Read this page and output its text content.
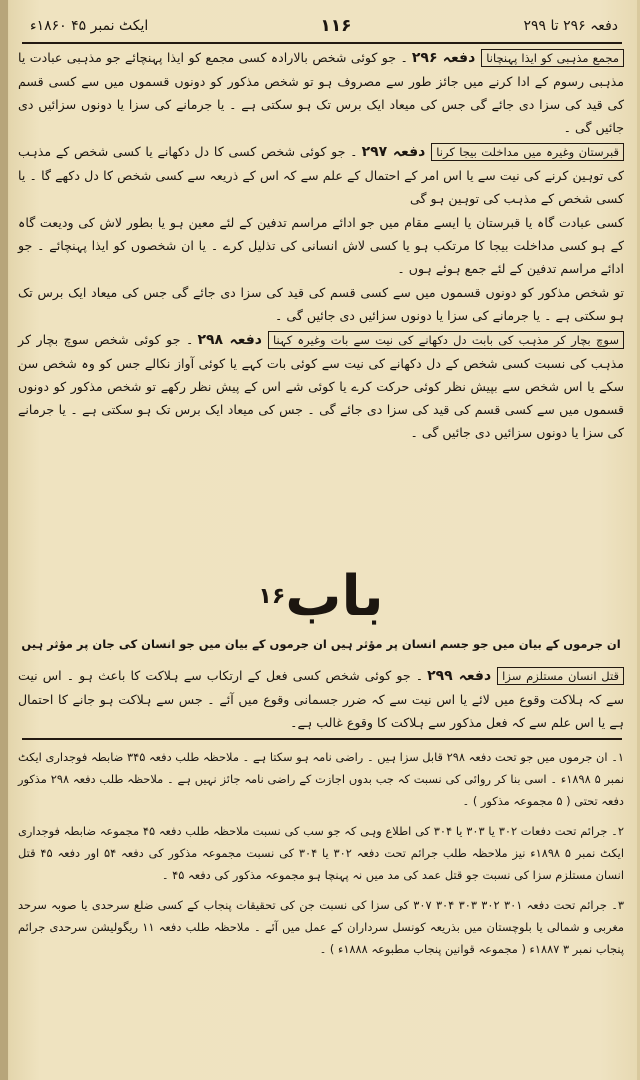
دفعہ ۲۹۶ تا ۲۹۹
۱۱۶
ایکٹ نمبر ۴۵ ۱۸۶۰ء

مجمع مذہبی کو ایذا پہنچانادفعہ ۲۹۶۔ جو کوئی شخص بالارادہ کسی مجمع کو ایذا پہنچائے جو مذہبی عبادت یا مذہبی رسوم کے ادا کرنے میں جائز طور سے مصروف ہو تو شخص مذکور کو دونوں قسموں میں سے کسی قسم کی قید کی سزا دی جائے گی جس کی میعاد ایک برس تک ہو سکتی ہے ۔ یا جرمانے کی سزا یا دونوں سزائیں دی جائیں گی ۔

قبرستان وغیرہ میں مداخلت بیجا کرنادفعہ ۲۹۷۔ جو کوئی شخص کسی کا دل دکھانے یا کسی شخص کے مذہب کی توہین کرنے کی نیت سے یا اس امر کے احتمال کے علم سے کہ اس کے ذریعہ سے کسی شخص کا دل دکھے گا ۔ یا کسی شخص کے مذہب کی توہین ہو گی

کسی عبادت گاہ یا قبرستان یا ایسے مقام میں جو ادائے مراسم تدفین کے لئے معین ہو یا بطور لاش کی ودیعت گاہ کے ہو کسی مداخلت بیجا کا مرتکب ہو یا کسی لاش انسانی کی تذلیل کرے ۔ یا ان شخصوں کو ایذا پہنچائے ۔ جو ادائے مراسم تدفین کے لئے جمع ہوئے ہوں ۔

تو شخص مذکور کو دونوں قسموں میں سے کسی قسم کی قید کی سزا دی جائے گی جس کی میعاد ایک برس تک ہو سکتی ہے ۔ یا جرمانے کی سزا یا دونوں سزائیں دی جائیں گی ۔

سوچ بچار کر مذہب کی بابت دل دکھانے کی نیت سے بات وغیرہ کہنادفعہ ۲۹۸۔ جو کوئی شخص سوچ بچار کر مذہب کی نسبت کسی شخص کے دل دکھانے کی نیت سے کوئی بات کہے یا کوئی آواز نکالے جس کو وہ شخص سن سکے یا اس شخص سے بپیش نظر کوئی حرکت کرے یا کوئی شے اس کے پیش نظر رکھے تو شخص مذکور کو دونوں قسموں میں سے کسی قسم کی قید کی سزا دی جائے گی ۔ جس کی میعاد ایک برس تک ہو سکتی ہے ۔ یا جرمانے کی سزا یا دونوں سزائیں دی جائیں گی ۔

باب$^{۱۶}$
ان جرموں کے بیان میں جو جسم انسان پر مؤثر ہیں ان جرموں کے بیان میں جو انسان کی جان پر مؤثر ہیں

قتل انسان مستلزم سزادفعہ ۲۹۹۔ جو کوئی شخص کسی فعل کے ارتکاب سے ہلاکت کا باعث ہو ۔ اس نیت سے کہ ہلاکت وقوع میں لائے یا اس نیت سے کہ ضرر جسمانی وقوع میں آئے ۔ جس سے ہلاکت ہو جانے کا احتمال ہے یا اس علم سے کہ فعل مذکور سے ہلاکت کا وقوع غالب ہے۔

۱۔ ان جرموں میں جو تحت دفعہ ۲۹۸ قابل سزا ہیں ۔ راضی نامہ ہو سکتا ہے ۔ ملاحظہ طلب دفعہ ۳۴۵ ضابطہ فوجداری ایکٹ نمبر ۵ ۱۸۹۸ء ۔ اسی بنا کر روائی کی نسبت کہ جب بدوں اجازت کے راضی نامہ جائز نہیں ہے ۔ ملاحظہ طلب دفعہ ۲۹۸ مذکور دفعہ تحتی ( ۵ مجموعہ مذکور ) ۔

۲۔ جرائم تحت دفعات ۳۰۲ یا ۳۰۳ یا ۳۰۴ کی اطلاع وہی کہ جو سب کی نسبت ملاحظہ طلب دفعہ ۴۵ مجموعہ ضابطہ فوجداری ایکٹ نمبر ۵ ۱۸۹۸ء نیز ملاحظہ طلب جرائم تحت دفعہ ۳۰۲ یا ۳۰۴ کی نسبت مجموعہ مذکور کی دفعہ ۵۴ اور دفعہ ۴۵ قتل انسان مستلزم سزا کی نسبت جو قتل عمد کی مد میں نہ پہنچا ہو مجموعہ مذکور کی دفعہ ۴۵ ۔

۳۔ جرائم تحت دفعہ ۳۰۱ ۳۰۲ ۳۰۳ ۳۰۴ ۳۰۷ کی سزا کی نسبت جن کی تحقیقات پنجاب کے کسی ضلع سرحدی یا صوبہ سرحد مغربی و شمالی یا بلوچستان میں بذریعہ کونسل سرداران کے عمل میں آئے ۔ ملاحظہ طلب دفعہ ۱۱ ریگولیشن سرحدی جرائم پنجاب نمبر ۳ ۱۸۸۷ء ( مجموعہ قوانین پنجاب مطبوعہ ۱۸۸۸ء ) ۔
